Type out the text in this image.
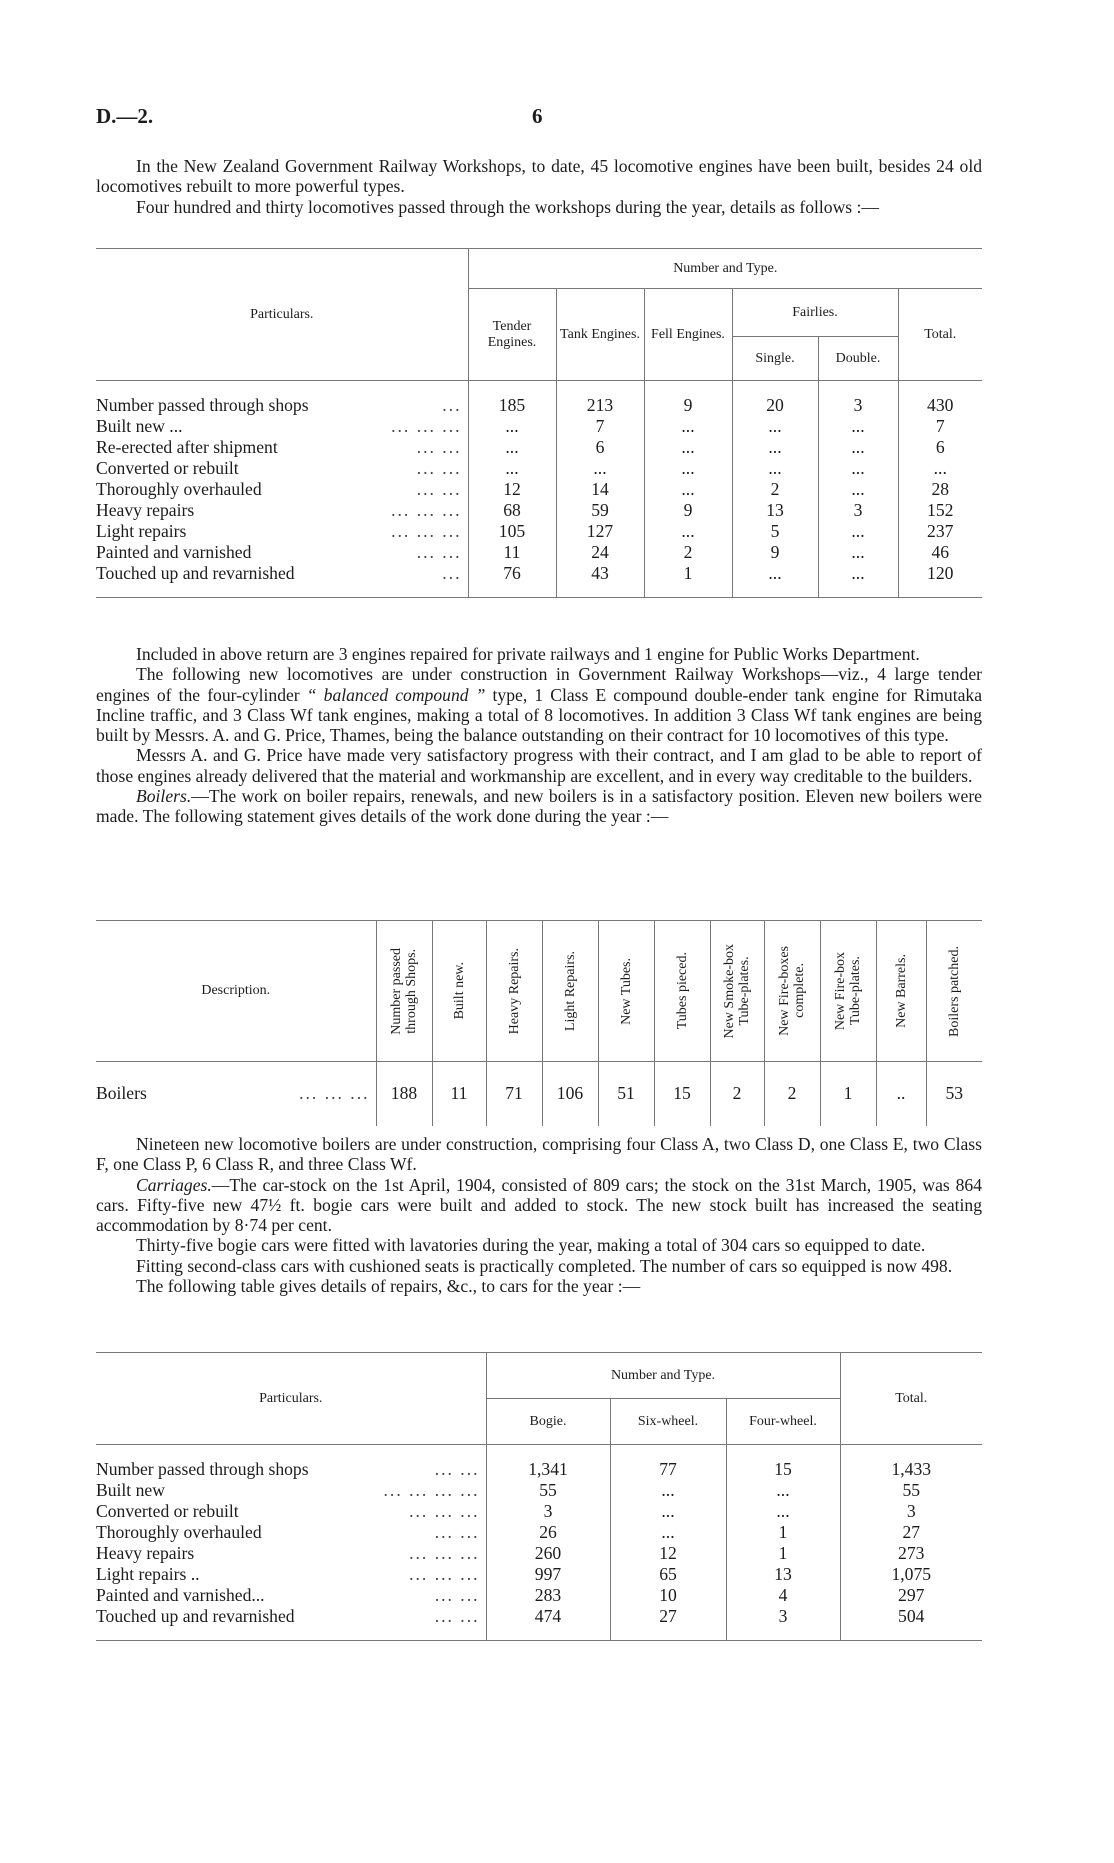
D.—2.	6

In the New Zealand Government Railway Workshops, to date, 45 locomotive engines have been built, besides 24 old locomotives rebuilt to more powerful types.

Four hundred and thirty locomotives passed through the workshops during the year, details as follows :—

Particulars.	Number and Type.					
	Tender Engines.	Tank Engines.	Fell Engines.	Fairlies.		Total.
				Single.	Double.	

Number passed through shops ...	185	213	9	20	3	430

Built new ... ... ... ...	...	7	...	...	...	7

Re-erected after shipment ... ...	...	6	...	...	...	6

Converted or rebuilt ... ...	...	...	...	...	...	...

Thoroughly overhauled ... ...	12	14	...	2	...	28

Heavy repairs ... ... ...	68	59	9	13	3	152

Light repairs ... ... ...	105	127	...	5	...	237

Painted and varnished ... ...	11	24	2	9	...	46

Touched up and revarnished ...	76	43	1	...	...	120

Included in above return are 3 engines repaired for private railways and 1 engine for Public Works Department.

The following new locomotives are under construction in Government Railway Workshops—viz., 4 large tender engines of the four-cylinder “ balanced compound ” type, 1 Class E compound double-ender tank engine for Rimutaka Incline traffic, and 3 Class Wf tank engines, making a total of 8 locomotives. In addition 3 Class Wf tank engines are being built by Messrs. A. and G. Price, Thames, being the balance outstanding on their contract for 10 locomotives of this type.

Messrs A. and G. Price have made very satisfactory progress with their contract, and I am glad to be able to report of those engines already delivered that the material and workmanship are excellent, and in every way creditable to the builders.

Boilers.—The work on boiler repairs, renewals, and new boilers is in a satisfactory position. Eleven new boilers were made. The following statement gives details of the work done during the year :—

Description.	Number passed
through Shops.	Built new.	Heavy Repairs.	Light Repairs.	New Tubes.	Tubes pieced.	New Smoke-box
Tube-plates.	New Fire-boxes
complete.	New Fire-box
Tube-plates.	New Barrels.	Boilers patched.

Boilers ... ... ...	188	11	71	106	51	15	2	2	1	..	53

Nineteen new locomotive boilers are under construction, comprising four Class A, two Class D, one Class E, two Class F, one Class P, 6 Class R, and three Class Wf.

Carriages.—The car-stock on the 1st April, 1904, consisted of 809 cars; the stock on the 31st March, 1905, was 864 cars. Fifty-five new 47½ ft. bogie cars were built and added to stock. The new stock built has increased the seating accommodation by 8·74 per cent.

Thirty-five bogie cars were fitted with lavatories during the year, making a total of 304 cars so equipped to date.

Fitting second-class cars with cushioned seats is practically completed. The number of cars so equipped is now 498.

The following table gives details of repairs, &c., to cars for the year :—

Particulars.	Number and Type.			Total.
	Bogie.	Six-wheel.	Four-wheel.	

Number passed through shops ... ...	1,341	77	15	1,433

Built new ... ... ... ...	55	...	...	55

Converted or rebuilt ... ... ...	3	...	...	3

Thoroughly overhauled ... ...	26	...	1	27

Heavy repairs ... ... ...	260	12	1	273

Light repairs .. ... ... ...	997	65	13	1,075

Painted and varnished... ... ...	283	10	4	297

Touched up and revarnished ... ...	474	27	3	504
